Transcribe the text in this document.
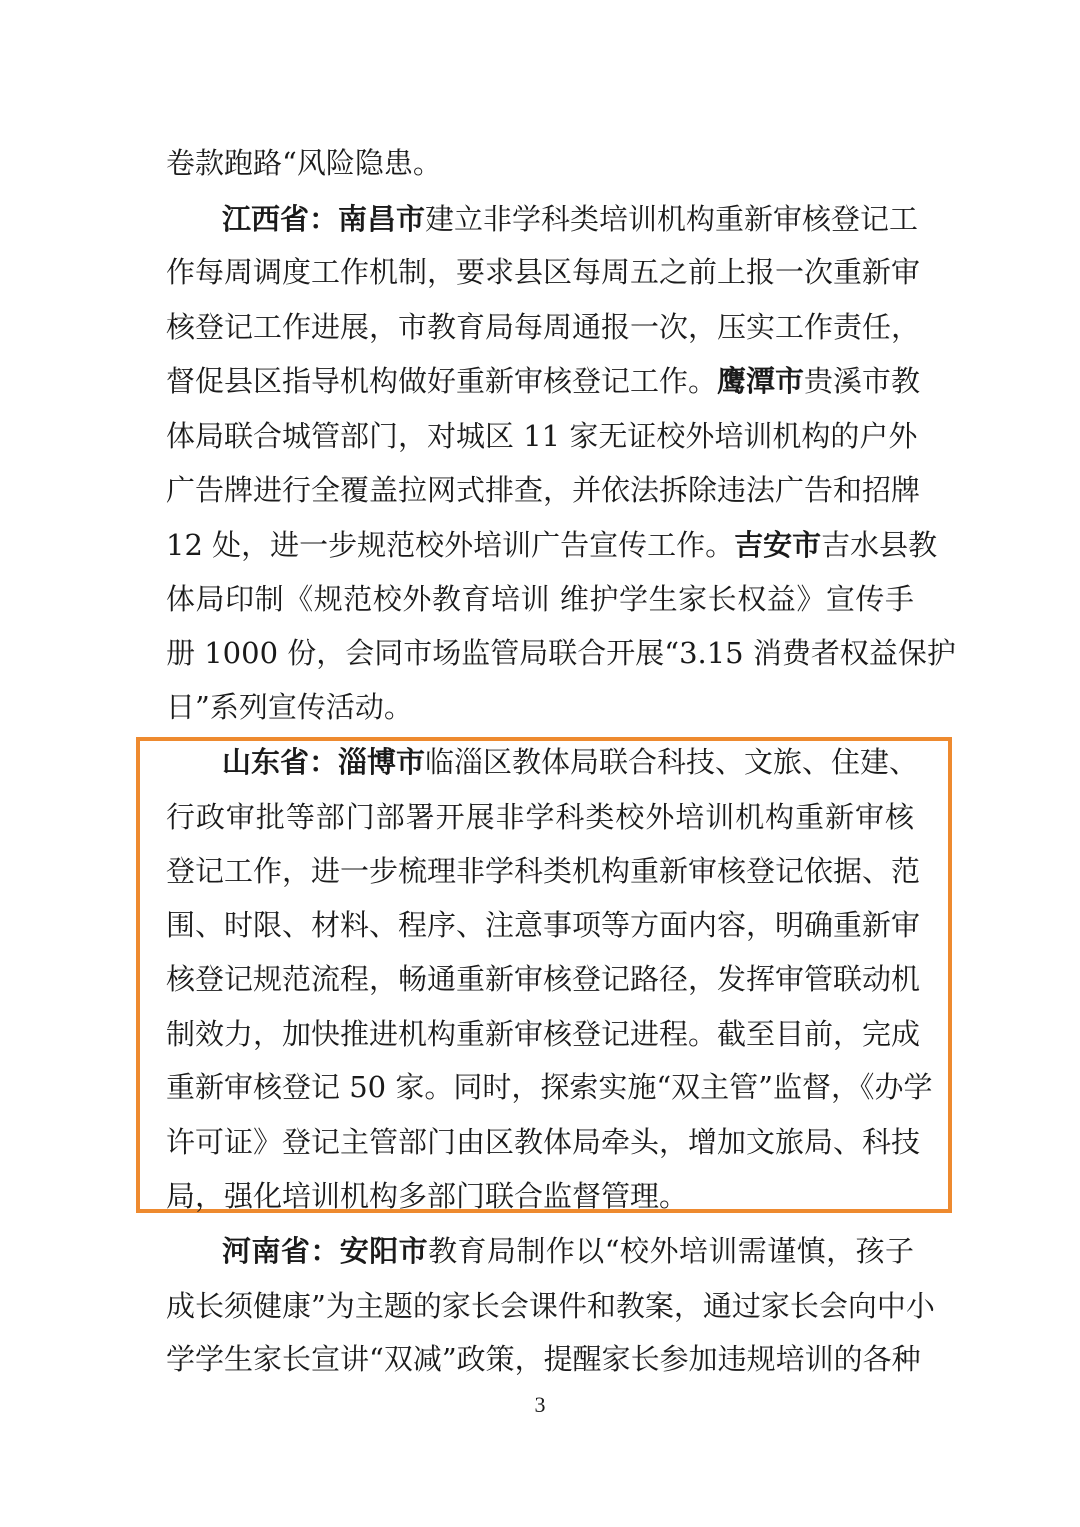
卷款跑路“风险隐患。
江西省：南昌市建立非学科类培训机构重新审核登记工
作每周调度工作机制，要求县区每周五之前上报一次重新审
核登记工作进展，市教育局每周通报一次，压实工作责任，
督促县区指导机构做好重新审核登记工作。鹰潭市贵溪市教
体局联合城管部门，对城区 11 家无证校外培训机构的户外
广告牌进行全覆盖拉网式排查，并依法拆除违法广告和招牌
12 处，进一步规范校外培训广告宣传工作。吉安市吉水县教
体局印制《规范校外教育培训 维护学生家长权益》宣传手
册 1000 份，会同市场监管局联合开展“3.15 消费者权益保护
日”系列宣传活动。
山东省：淄博市临淄区教体局联合科技、文旅、住建、
行政审批等部门部署开展非学科类校外培训机构重新审核
登记工作，进一步梳理非学科类机构重新审核登记依据、范
围、时限、材料、程序、注意事项等方面内容，明确重新审
核登记规范流程，畅通重新审核登记路径，发挥审管联动机
制效力，加快推进机构重新审核登记进程。截至目前，完成
重新审核登记 50 家。同时，探索实施“双主管”监督，《办学
许可证》登记主管部门由区教体局牵头，增加文旅局、科技
局，强化培训机构多部门联合监督管理。
河南省：安阳市教育局制作以“校外培训需谨慎，孩子
成长须健康”为主题的家长会课件和教案，通过家长会向中小
学学生家长宣讲“双减”政策，提醒家长参加违规培训的各种
3
